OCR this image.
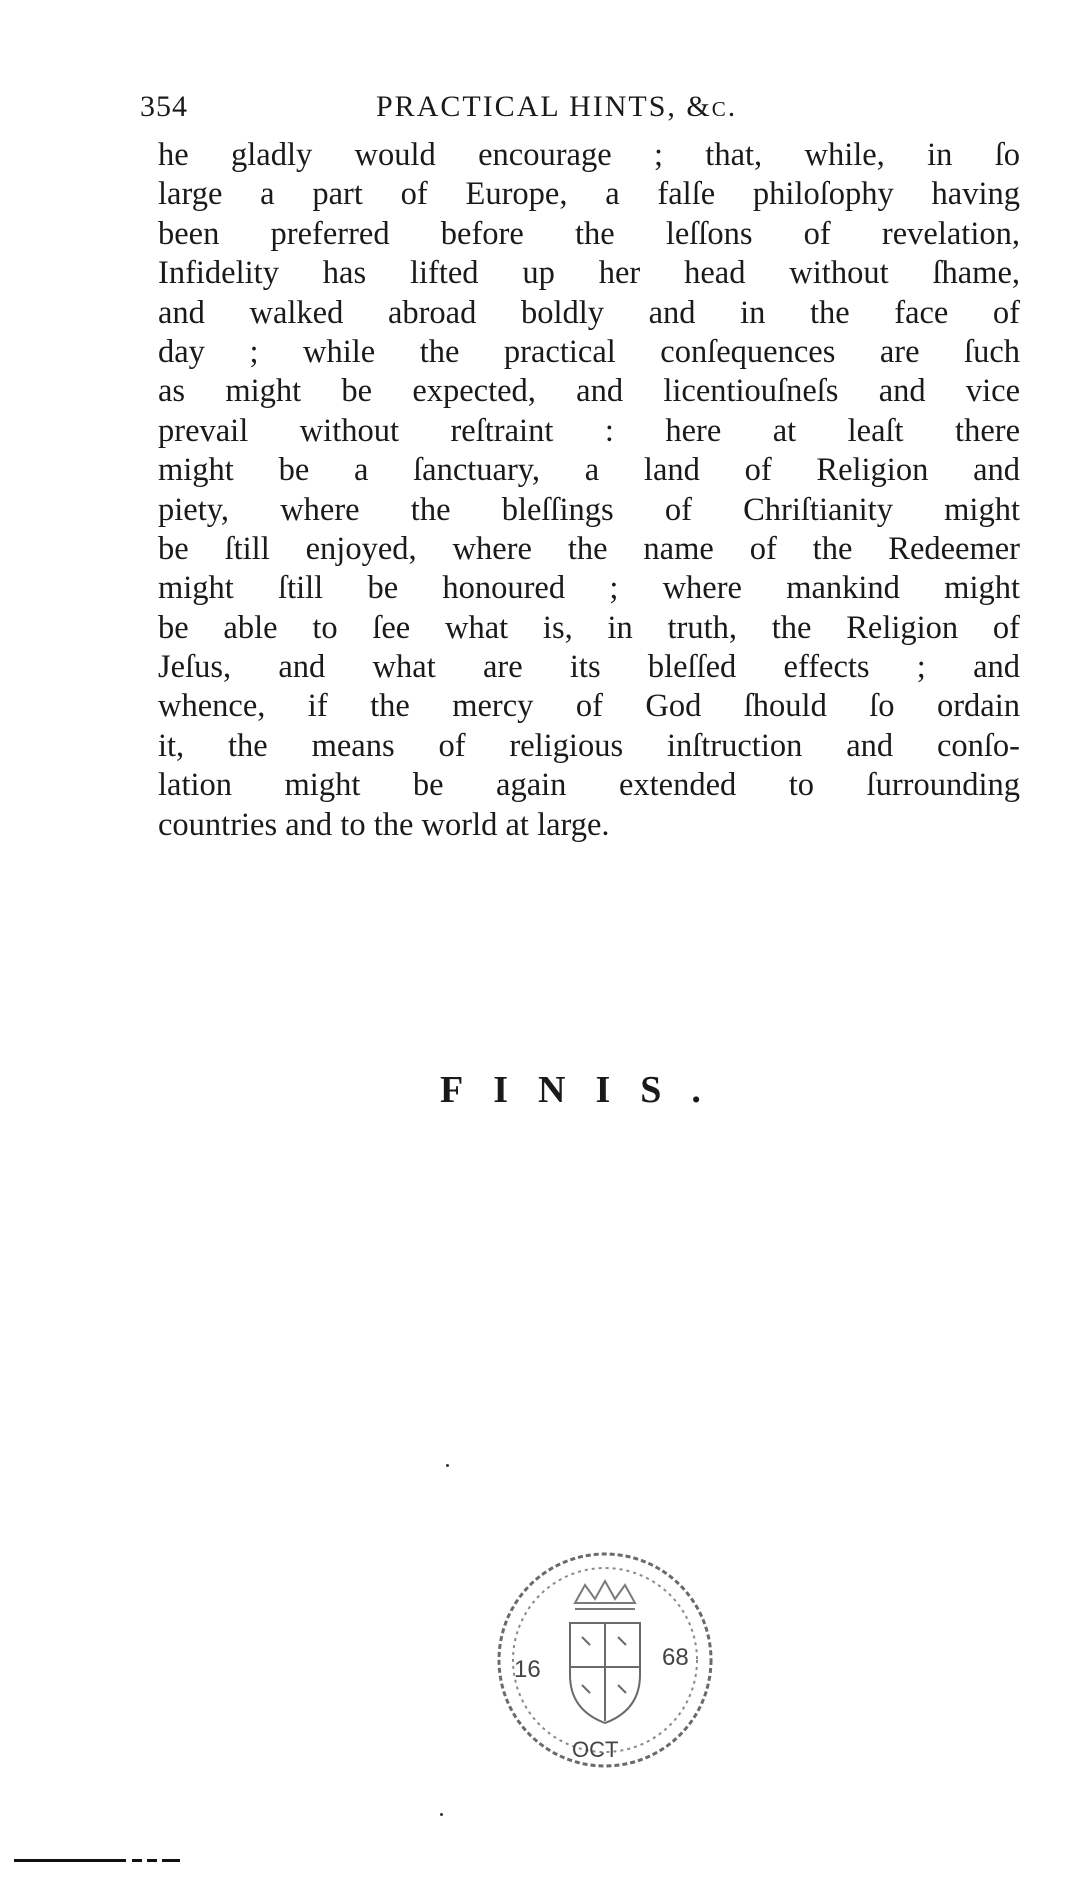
354	PRACTICAL HINTS, &c.
he gladly would encourage ; that, while, in ſo
large a part of Europe, a falſe philoſophy having
been preferred before the leſſons of revelation,
Infidelity has lifted up her head without ſhame,
and walked abroad boldly and in the face of
day ; while the practical conſequences are ſuch
as might be expected, and licentiouſneſs and vice
prevail without reſtraint : here at leaſt there
might be a ſanctuary, a land of Religion and
piety, where the bleſſings of Chriſtianity might
be ſtill enjoyed, where the name of the Redeemer
might ſtill be honoured ; where mankind might
be able to ſee what is, in truth, the Religion of
Jeſus, and what are its bleſſed effects ; and
whence, if the mercy of God ſhould ſo ordain
it, the means of religious inſtruction and conſo-
lation might be again extended to ſurrounding
countries and to the world at large.
FINIS.
16	68
OCT
